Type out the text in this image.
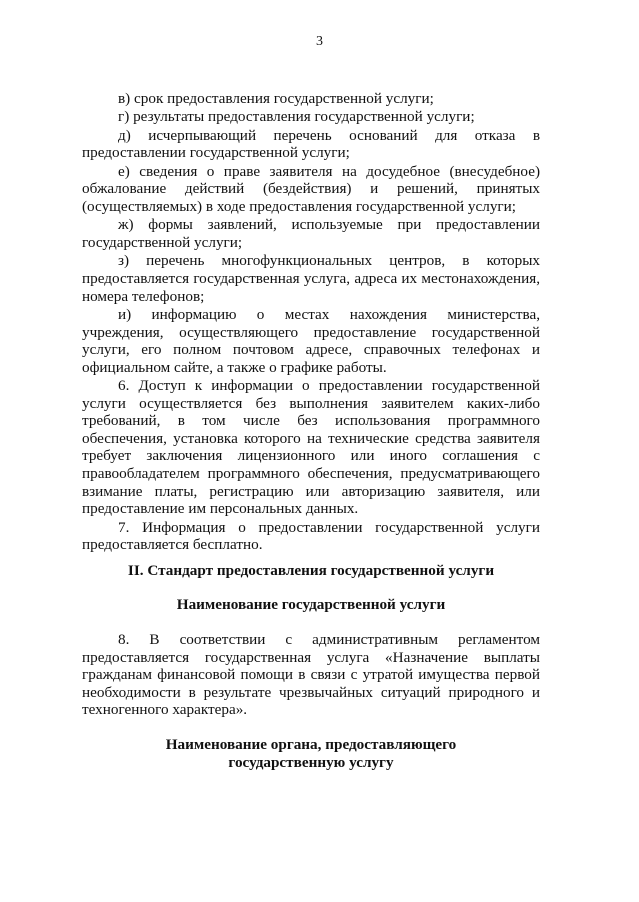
3

в) срок предоставления государственной услуги;

г) результаты предоставления государственной услуги;

д) исчерпывающий перечень оснований для отказа в предоставлении государственной услуги;

е) сведения о праве заявителя на досудебное (внесудебное) обжалование действий (бездействия) и решений, принятых (осуществляемых) в ходе предоставления государственной услуги;

ж) формы заявлений, используемые при предоставлении государственной услуги;

з) перечень многофункциональных центров, в которых предоставляется государственная услуга, адреса их местонахождения, номера телефонов;

и) информацию о местах нахождения министерства, учреждения, осуществляющего предоставление государственной услуги, его полном почтовом адресе, справочных телефонах и официальном сайте, а также о графике работы.

6. Доступ к информации о предоставлении государственной услуги осуществляется без выполнения заявителем каких-либо требований, в том числе без использования программного обеспечения, установка которого на технические средства заявителя требует заключения лицензионного или иного соглашения с правообладателем программного обеспечения, предусматривающего взимание платы, регистрацию или авторизацию заявителя, или предоставление им персональных данных.

7. Информация о предоставлении государственной услуги предоставляется бесплатно.

II. Стандарт предоставления государственной услуги
Наименование государственной услуги

8. В соответствии с административным регламентом предоставляется государственная услуга «Назначение выплаты гражданам финансовой помощи в связи с утратой имущества первой необходимости в результате чрезвычайных ситуаций природного и техногенного характера».

Наименование органа, предоставляющего
государственную услугу
